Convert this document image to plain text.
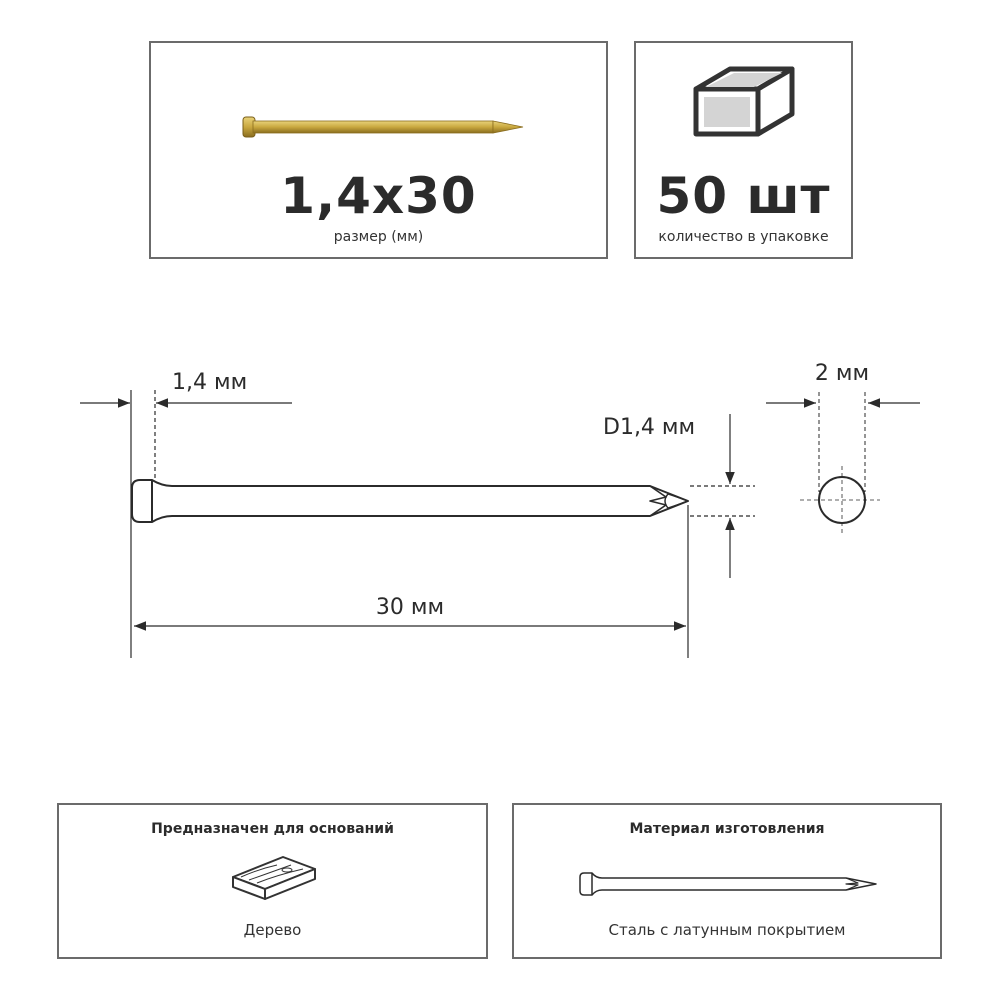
1,4x30
размер (мм)
50 шт
количество в упаковке
1,4 мм
D1,4 мм
30 мм
2 мм
Предназначен для оснований
Дерево
Материал изготовления
Сталь с латунным покрытием
